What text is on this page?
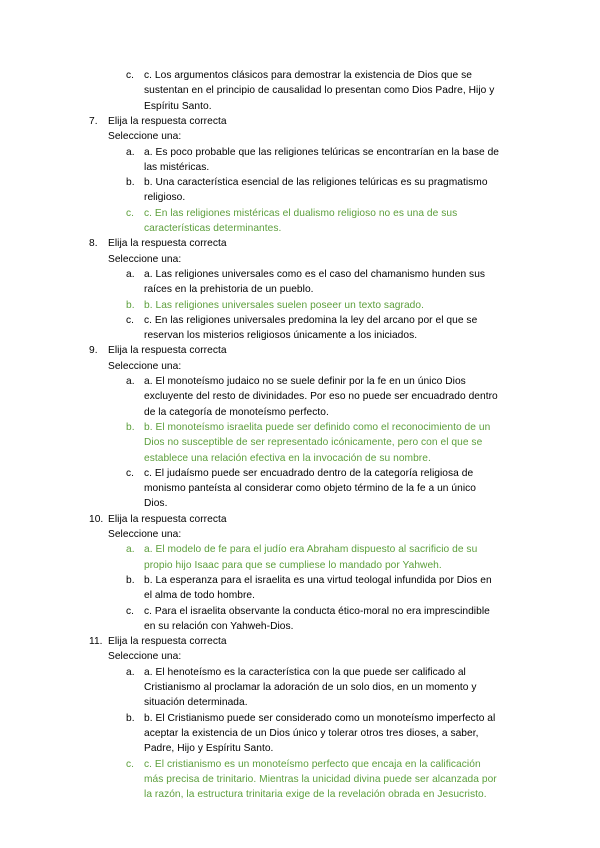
c. c. Los argumentos clásicos para demostrar la existencia de Dios que se
sustentan en el principio de causalidad lo presentan como Dios Padre, Hijo y
Espíritu Santo.
7. Elija la respuesta correcta
Seleccione una:
a. a. Es poco probable que las religiones telúricas se encontrarían en la base de
las mistéricas.
b. b. Una característica esencial de las religiones telúricas es su pragmatismo
religioso.
c. c. En las religiones mistéricas el dualismo religioso no es una de sus
características determinantes.
8. Elija la respuesta correcta
Seleccione una:
a. a. Las religiones universales como es el caso del chamanismo hunden sus
raíces en la prehistoria de un pueblo.
b. b. Las religiones universales suelen poseer un texto sagrado.
c. c. En las religiones universales predomina la ley del arcano por el que se
reservan los misterios religiosos únicamente a los iniciados.
9. Elija la respuesta correcta
Seleccione una:
a. a. El monoteísmo judaico no se suele definir por la fe en un único Dios
excluyente del resto de divinidades. Por eso no puede ser encuadrado dentro
de la categoría de monoteísmo perfecto.
b. b. El monoteísmo israelita puede ser definido como el reconocimiento de un
Dios no susceptible de ser representado icónicamente, pero con el que se
establece una relación efectiva en la invocación de su nombre.
c. c. El judaísmo puede ser encuadrado dentro de la categoría religiosa de
monismo panteísta al considerar como objeto término de la fe a un único
Dios.
10. Elija la respuesta correcta
Seleccione una:
a. a. El modelo de fe para el judío era Abraham dispuesto al sacrificio de su
propio hijo Isaac para que se cumpliese lo mandado por Yahweh.
b. b. La esperanza para el israelita es una virtud teologal infundida por Dios en
el alma de todo hombre.
c. c. Para el israelita observante la conducta ético-moral no era imprescindible
en su relación con Yahweh-Dios.
11. Elija la respuesta correcta
Seleccione una:
a. a. El henoteísmo es la característica con la que puede ser calificado al
Cristianismo al proclamar la adoración de un solo dios, en un momento y
situación determinada.
b. b. El Cristianismo puede ser considerado como un monoteísmo imperfecto al
aceptar la existencia de un Dios único y tolerar otros tres dioses, a saber,
Padre, Hijo y Espíritu Santo.
c. c. El cristianismo es un monoteísmo perfecto que encaja en la calificación
más precisa de trinitario. Mientras la unicidad divina puede ser alcanzada por
la razón, la estructura trinitaria exige de la revelación obrada en Jesucristo.
